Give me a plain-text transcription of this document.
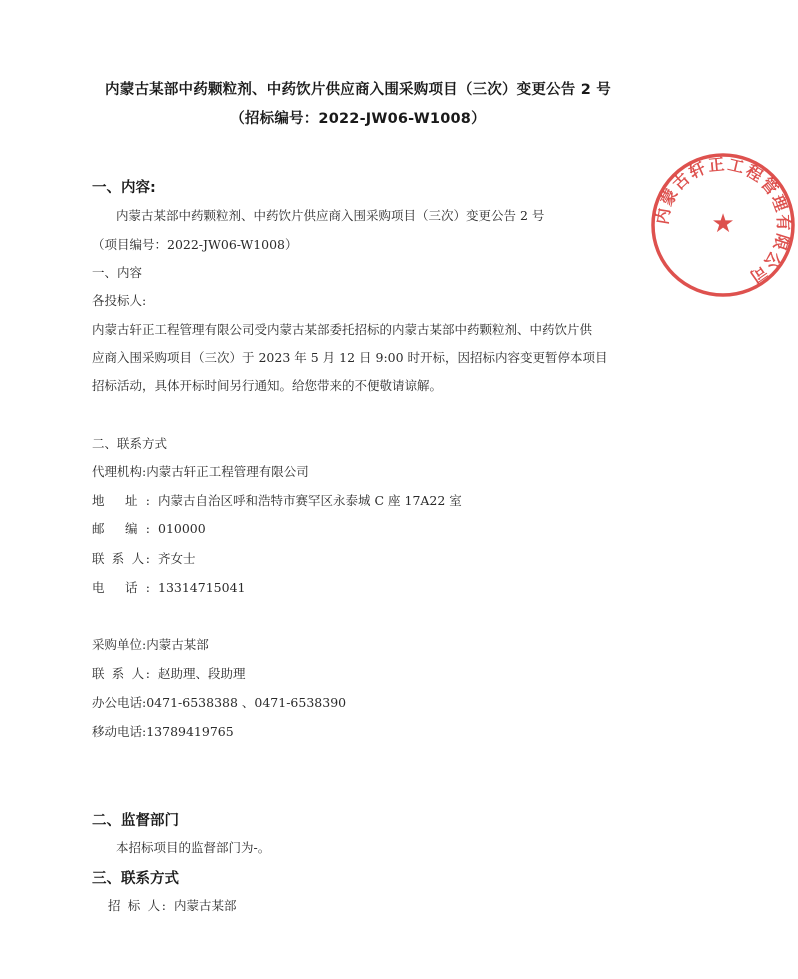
内蒙古某部中药颗粒剂、中药饮片供应商入围采购项目（三次）变更公告 2 号
（招标编号：2022-JW06-W1008）
一、内容:
内蒙古某部中药颗粒剂、中药饮片供应商入围采购项目（三次）变更公告 2 号
（项目编号：2022-JW06-W1008）
一、内容
各投标人:
内蒙古轩正工程管理有限公司受内蒙古某部委托招标的内蒙古某部中药颗粒剂、中药饮片供
应商入围采购项目（三次）于 2023 年 5 月 12 日 9:00 时开标，因招标内容变更暂停本项目
招标活动，具体开标时间另行通知。给您带来的不便敬请谅解。
二、联系方式
代理机构:内蒙古轩正工程管理有限公司
地 址: 内蒙古自治区呼和浩特市赛罕区永泰城 C 座 17A22 室
邮 编: 010000
联 系 人: 齐女士
电 话: 13314715041
采购单位:内蒙古某部
联 系 人: 赵助理、段助理
办公电话:0471-6538388 、0471-6538390
移动电话:13789419765
二、监督部门
本招标项目的监督部门为-。
三、联系方式
招 标 人: 内蒙古某部
内蒙古轩正工程管理有限公司
★
